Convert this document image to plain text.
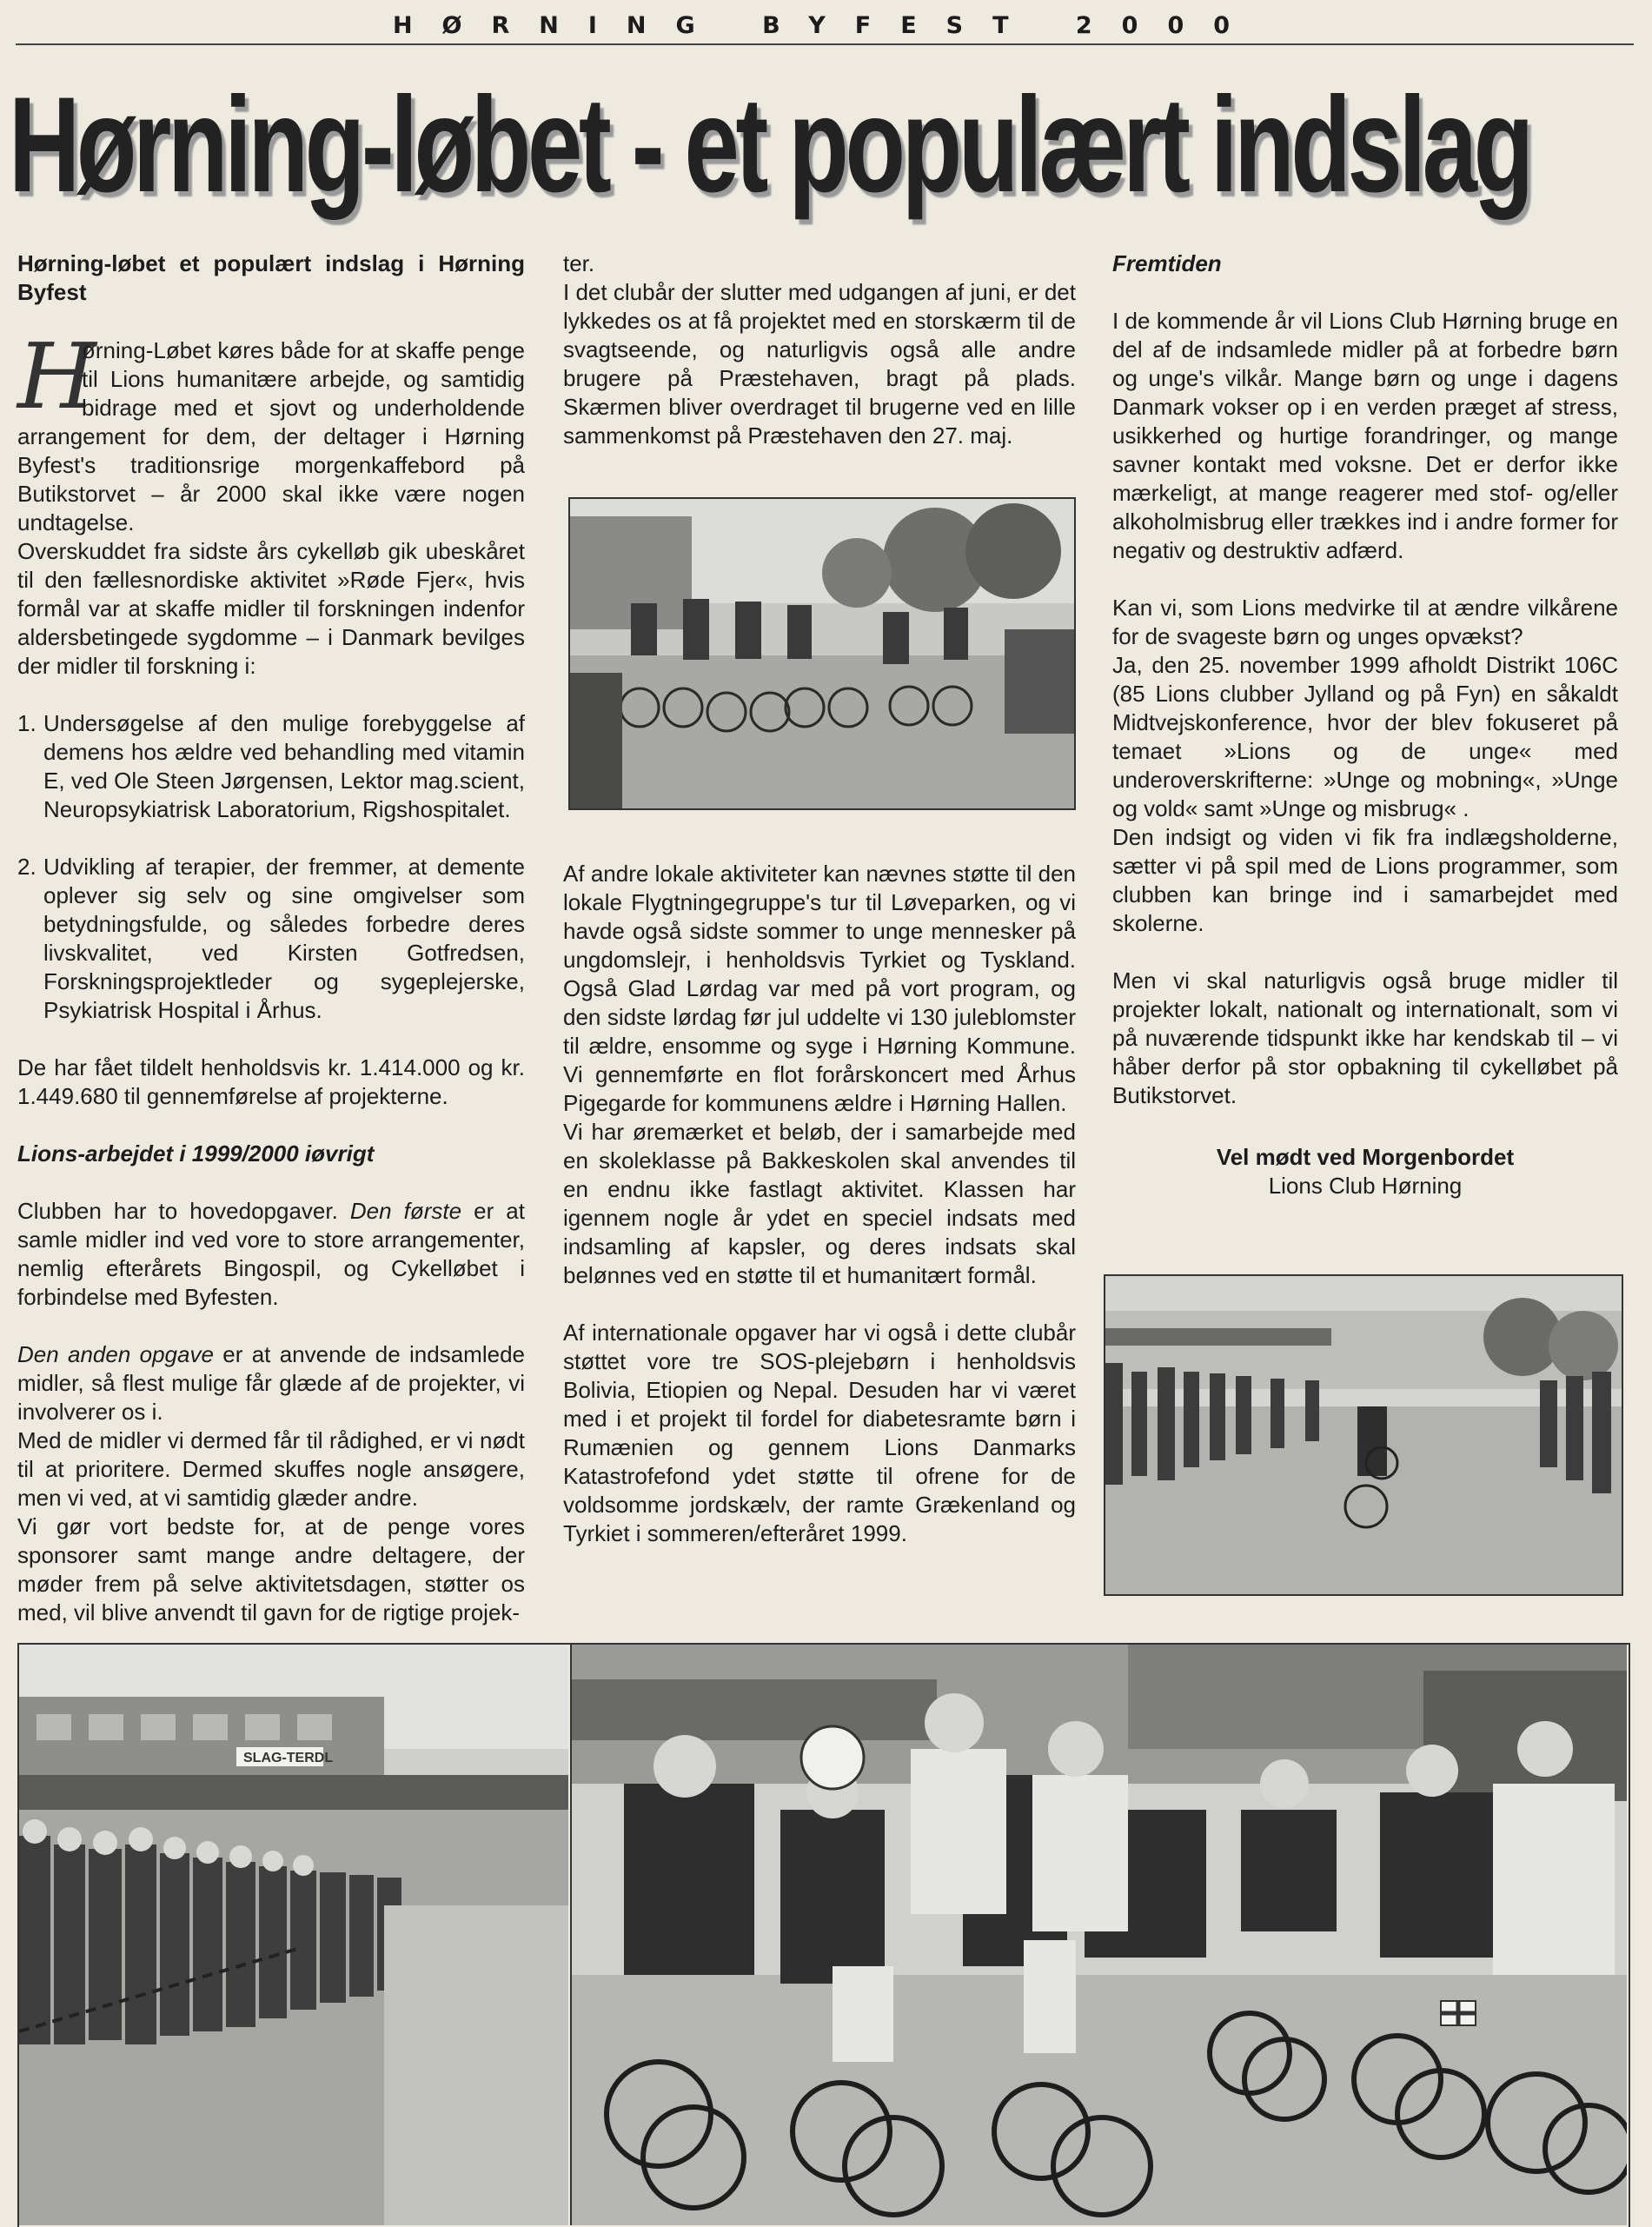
HØRNING BYFEST 2000
Hørning-løbet - et populært indslag
Hørning-løbet et populært indslag i Hørning Byfest

H
ørning-Løbet køres både for at skaffe penge til Lions humanitære arbejde, og samtidig bidrage med et sjovt og underholdende arrangement for dem, der deltager i Hørning Byfest's traditionsrige morgenkaffebord på Butikstorvet – år 2000 skal ikke være nogen undtagelse.

Overskuddet fra sidste års cykelløb gik ubeskåret til den fællesnordiske aktivitet »Røde Fjer«, hvis formål var at skaffe midler til forskningen indenfor aldersbetingede sygdomme – i Danmark bevilges der midler til forskning i:

1. Undersøgelse af den mulige forebyggelse af demens hos ældre ved behandling med vitamin E, ved Ole Steen Jørgensen, Lektor mag.scient, Neuropsykiatrisk Laboratorium, Rigshospitalet.
2. Udvikling af terapier, der fremmer, at demente oplever sig selv og sine omgivelser som betydningsfulde, og således forbedre deres livskvalitet, ved Kirsten Gotfredsen, Forskningsprojektleder og sygeplejerske, Psykiatrisk Hospital i Århus.

De har fået tildelt henholdsvis kr. 1.414.000 og kr. 1.449.680 til gennemførelse af projekterne.

Lions-arbejdet i 1999/2000 iøvrigt

Clubben har to hovedopgaver. Den første er at samle midler ind ved vore to store arrangementer, nemlig efterårets Bingospil, og Cykelløbet i forbindelse med Byfesten.

Den anden opgave er at anvende de indsamlede midler, så flest mulige får glæde af de projekter, vi involverer os i.

Med de midler vi dermed får til rådighed, er vi nødt til at prioritere. Dermed skuffes nogle ansøgere, men vi ved, at vi samtidig glæder andre.

Vi gør vort bedste for, at de penge vores sponsorer samt mange andre deltagere, der møder frem på selve aktivitetsdagen, støtter os med, vil blive anvendt til gavn for de rigtige projek-

ter.

I det clubår der slutter med udgangen af juni, er det lykkedes os at få projektet med en storskærm til de svagtseende, og naturligvis også alle andre brugere på Præstehaven, bragt på plads. Skærmen bliver overdraget til brugerne ved en lille sammenkomst på Præstehaven den 27. maj.

Af andre lokale aktiviteter kan nævnes støtte til den lokale Flygtningegruppe's tur til Løveparken, og vi havde også sidste sommer to unge mennesker på ungdomslejr, i henholdsvis Tyrkiet og Tyskland. Også Glad Lørdag var med på vort program, og den sidste lørdag før jul uddelte vi 130 juleblomster til ældre, ensomme og syge i Hørning Kommune. Vi gennemførte en flot forårskoncert med Århus Pigegarde for kommunens ældre i Hørning Hallen.

Vi har øremærket et beløb, der i samarbejde med en skoleklasse på Bakkeskolen skal anvendes til en endnu ikke fastlagt aktivitet. Klassen har igennem nogle år ydet en speciel indsats med indsamling af kapsler, og deres indsats skal belønnes ved en støtte til et humanitært formål.

Af internationale opgaver har vi også i dette clubår støttet vore tre SOS-plejebørn i henholdsvis Bolivia, Etiopien og Nepal. Desuden har vi været med i et projekt til fordel for diabetesramte børn i Rumænien og gennem Lions Danmarks Katastrofefond ydet støtte til ofrene for de voldsomme jordskælv, der ramte Grækenland og Tyrkiet i sommeren/efteråret 1999.

Fremtiden

I de kommende år vil Lions Club Hørning bruge en del af de indsamlede midler på at forbedre børn og unge's vilkår. Mange børn og unge i dagens Danmark vokser op i en verden præget af stress, usikkerhed og hurtige forandringer, og mange savner kontakt med voksne. Det er derfor ikke mærkeligt, at mange reagerer med stof- og/eller alkoholmisbrug eller trækkes ind i andre former for negativ og destruktiv adfærd.

Kan vi, som Lions medvirke til at ændre vilkårene for de svageste børn og unges opvækst?

Ja, den 25. november 1999 afholdt Distrikt 106C (85 Lions clubber Jylland og på Fyn) en såkaldt Midtvejskonference, hvor der blev fokuseret på temaet »Lions og de unge« med underoverskrifterne: »Unge og mobning«, »Unge og vold« samt »Unge og misbrug« .

Den indsigt og viden vi fik fra indlægsholderne, sætter vi på spil med de Lions programmer, som clubben kan bringe ind i samarbejdet med skolerne.

Men vi skal naturligvis også bruge midler til projekter lokalt, nationalt og internationalt, som vi på nuværende tidspunkt ikke har kendskab til – vi håber derfor på stor opbakning til cykelløbet på Butikstorvet.

Vel mødt ved Morgenbordet
Lions Club Hørning
SLAG-TERDL
